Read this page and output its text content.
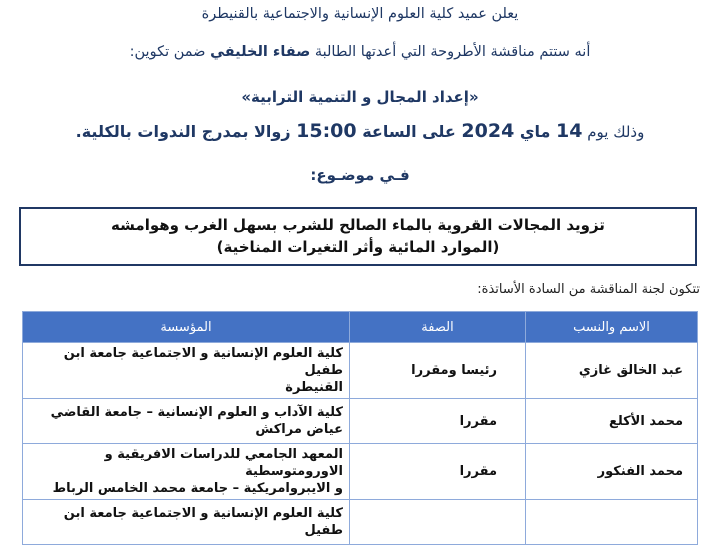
يعلن عميد كلية العلوم الإنسانية والاجتماعية بالقنيطرة
أنه ستتم مناقشة الأطروحة التي أعدتها الطالبة صفاء الخليفي ضمن تكوين:
«إعداد المجال و التنمية الترابية»
وذلك يوم 14 ماي 2024 على الساعة 15:00 زوالا بمدرج الندوات بالكلية.
فـي موضـوع:
تزويد المجالات القروية بالماء الصالح للشرب بسهل الغرب وهوامشه
(الموارد المائية وأثر التغيرات المناخية)
تتكون لجنة المناقشة من السادة الأساتذة:
الاسم والنسب	الصفة	المؤسسة
عبد الخالق غازي	رئيسا ومقررا	كلية العلوم الإنسانية و الاجتماعية جامعة ابن طفيل
القنيطرة

محمد الأكلع	مقررا	كلية الآداب و العلوم الإنسانية – جامعة القاضي
عياض مراكش

محمد الفنكور	مقررا	المعهد الجامعي للدراسات الافريقية و الاورومتوسطية
و الايبروامريكية – جامعة محمد الخامس الرباط

		كلية العلوم الإنسانية و الاجتماعية جامعة ابن طفيل
